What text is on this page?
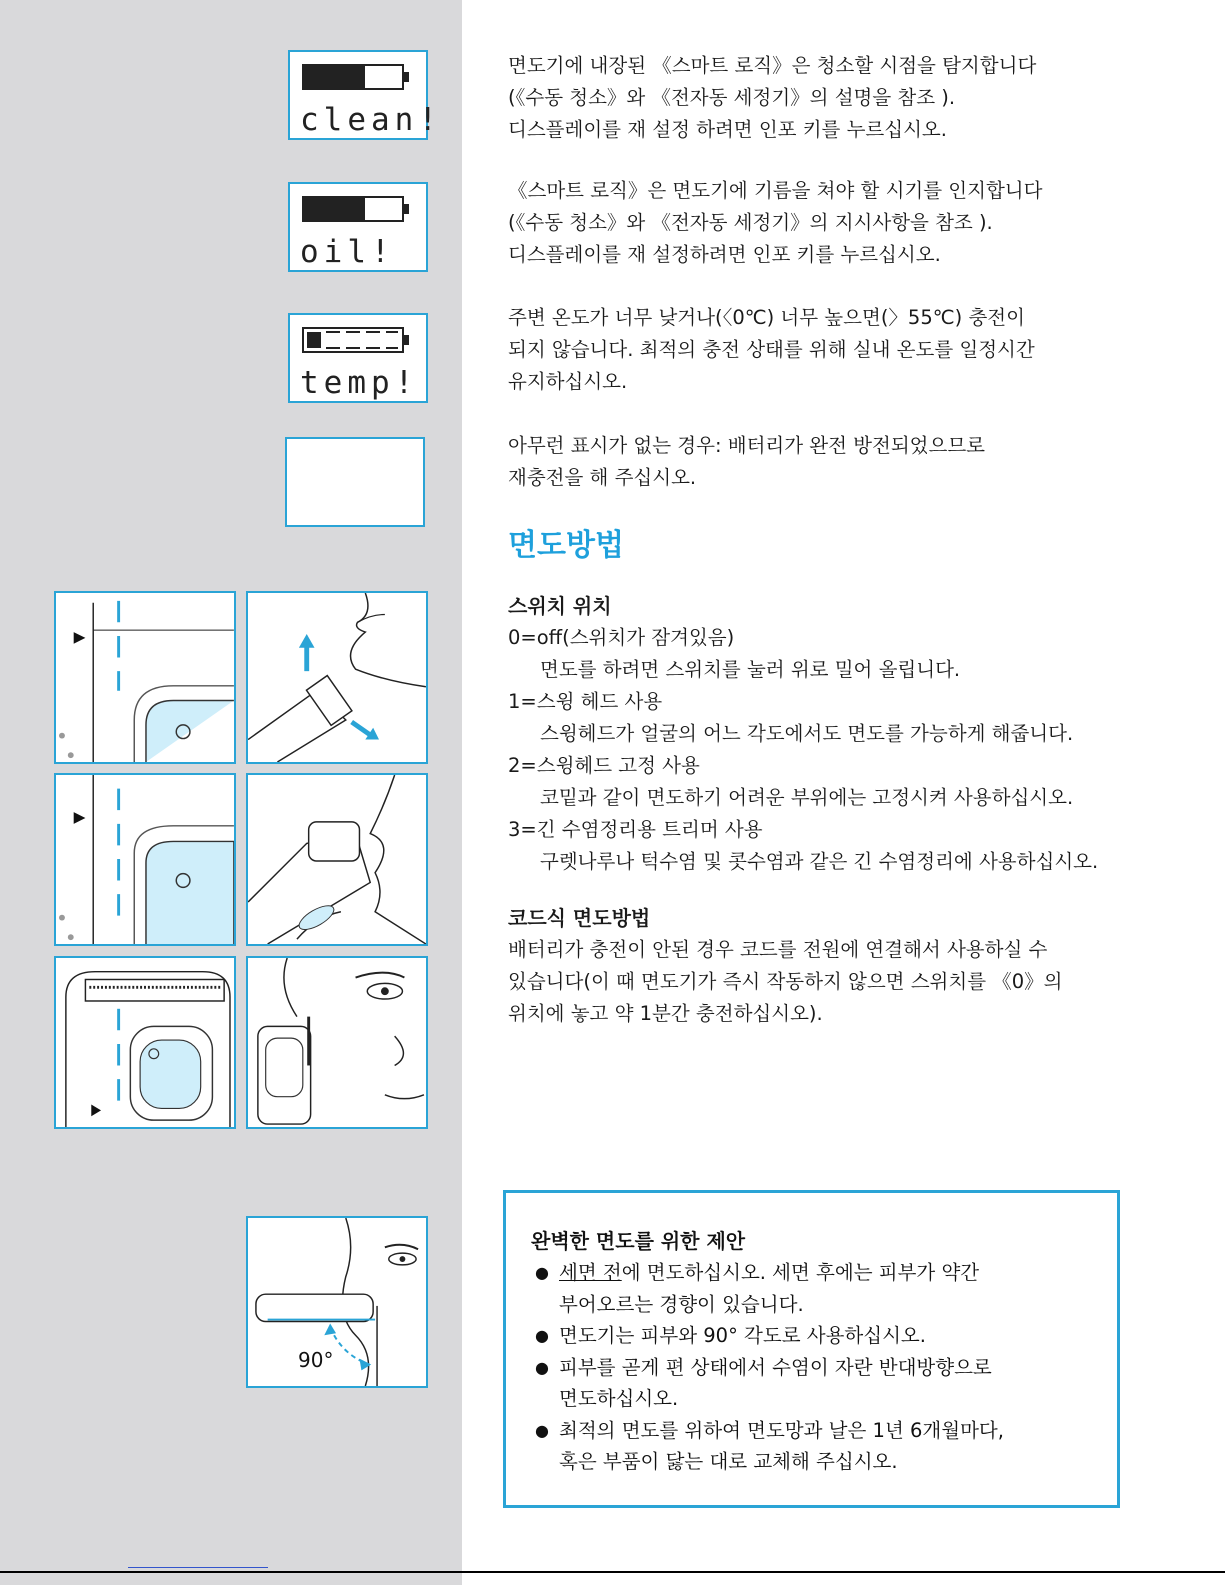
clean!
oil!
temp!

면도기에 내장된 《스마트 로직》은 청소할 시점을 탐지합니다

(《수동 청소》와 《전자동 세정기》의 설명을 참조 ).

디스플레이를 재 설정 하려면 인포 키를 누르십시오.

《스마트 로직》은 면도기에 기름을 쳐야 할 시기를 인지합니다

(《수동 청소》와 《전자동 세정기》의 지시사항을 참조 ).

디스플레이를 재 설정하려면 인포 키를 누르십시오.

주변 온도가 너무 낮거나(〈0℃) 너무 높으면(〉55℃) 충전이

되지 않습니다. 최적의 충전 상태를 위해 실내 온도를 일정시간

유지하십시오.

아무런 표시가 없는 경우: 배터리가 완전 방전되었으므로

재충전을 해 주십시오.

면도방법

스위치 위치

0=off(스위치가 잠겨있음)

면도를 하려면 스위치를 눌러 위로 밀어 올립니다.

1=스윙 헤드 사용

스윙헤드가 얼굴의 어느 각도에서도 면도를 가능하게 해줍니다.

2=스윙헤드 고정 사용

코밑과 같이 면도하기 어려운 부위에는 고정시켜 사용하십시오.

3=긴 수염정리용 트리머 사용

구렛나루나 턱수염 및 콧수염과 같은 긴 수염정리에 사용하십시오.

코드식 면도방법

배터리가 충전이 안된 경우 코드를 전원에 연결해서 사용하실 수

있습니다(이 때 면도기가 즉시 작동하지 않으면 스위치를 《0》의

위치에 놓고 약 1분간 충전하십시오).

90°
완벽한 면도를 위한 제안
● 세면 전에 면도하십시오. 세면 후에는 피부가 약간
부어오르는 경향이 있습니다.
● 면도기는 피부와 90° 각도로 사용하십시오.
● 피부를 곧게 편 상태에서 수염이 자란 반대방향으로
면도하십시오.
● 최적의 면도를 위하여 면도망과 날은 1년 6개월마다,
혹은 부품이 닳는 대로 교체해 주십시오.
